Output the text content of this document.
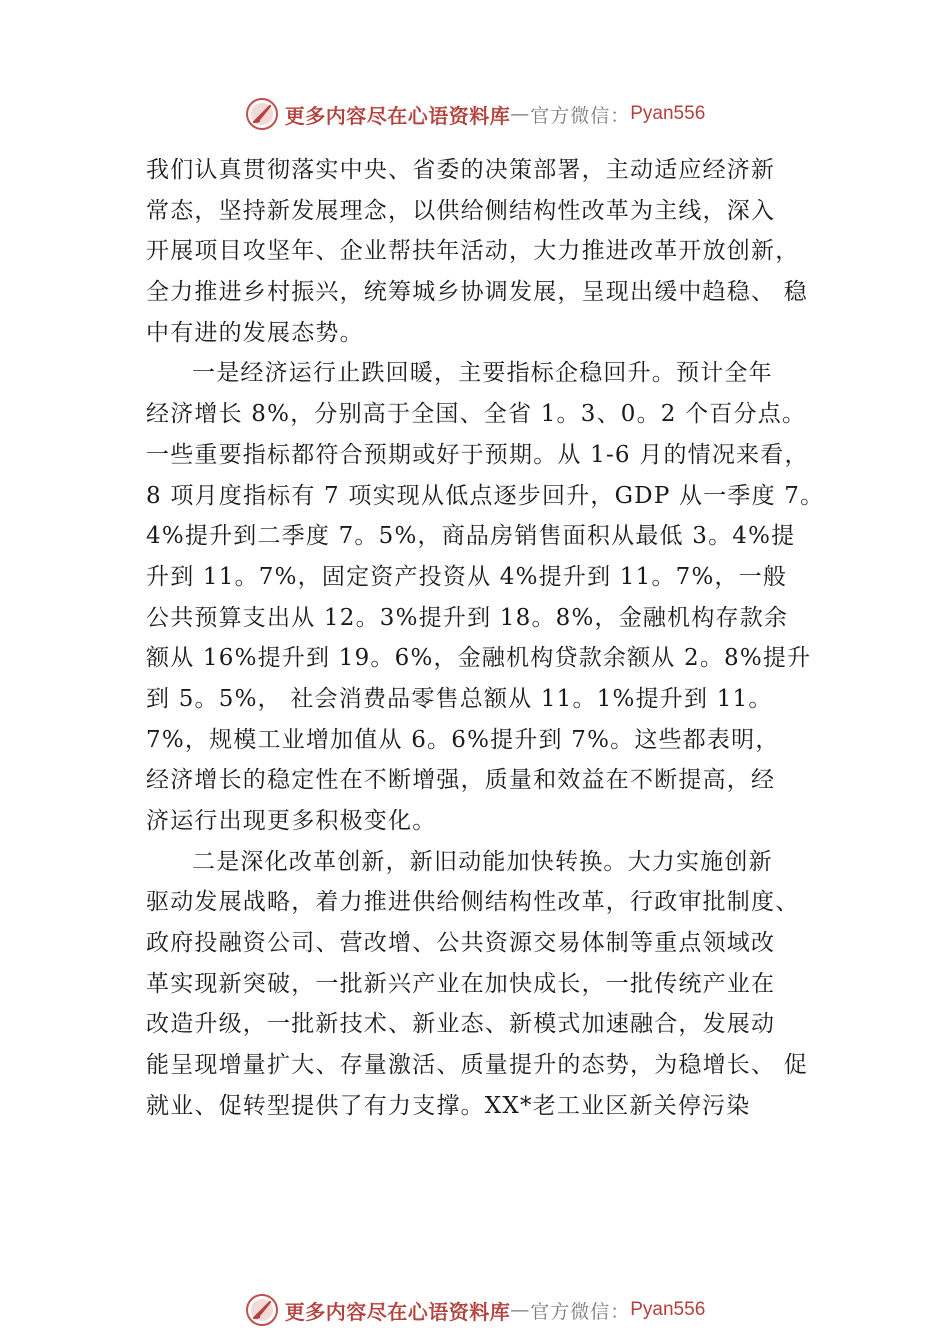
更多内容尽在心语资料库 — 官方微信： Pyan556
我们认真贯彻落实中央、省委的决策部署，主动适应经济新
常态，坚持新发展理念，以供给侧结构性改革为主线，深入
开展项目攻坚年、企业帮扶年活动，大力推进改革开放创新，
全力推进乡村振兴，统筹城乡协调发展，呈现出缓中趋稳、 稳
中有进的发展态势。
一是经济运行止跌回暖，主要指标企稳回升。预计全年
经济增长 8%，分别高于全国、全省 1。3、0。2 个百分点。
一些重要指标都符合预期或好于预期。从 1-6 月的情况来看，
8 项月度指标有 7 项实现从低点逐步回升，GDP 从一季度 7。
4%提升到二季度 7。5%，商品房销售面积从最低 3。4%提
升到 11。7%，固定资产投资从 4%提升到 11。7%，一般
公共预算支出从 12。3%提升到 18。8%，金融机构存款余
额从 16%提升到 19。6%，金融机构贷款余额从 2。8%提升
到 5。5%， 社会消费品零售总额从 11。1%提升到 11。
7%，规模工业增加值从 6。6%提升到 7%。这些都表明，
经济增长的稳定性在不断增强，质量和效益在不断提高，经
济运行出现更多积极变化。
二是深化改革创新，新旧动能加快转换。大力实施创新
驱动发展战略，着力推进供给侧结构性改革，行政审批制度、
政府投融资公司、营改增、公共资源交易体制等重点领域改
革实现新突破，一批新兴产业在加快成长，一批传统产业在
改造升级，一批新技术、新业态、新模式加速融合，发展动
能呈现增量扩大、存量激活、质量提升的态势，为稳增长、 促
就业、促转型提供了有力支撑。XX*老工业区新关停污染
更多内容尽在心语资料库 — 官方微信： Pyan556
